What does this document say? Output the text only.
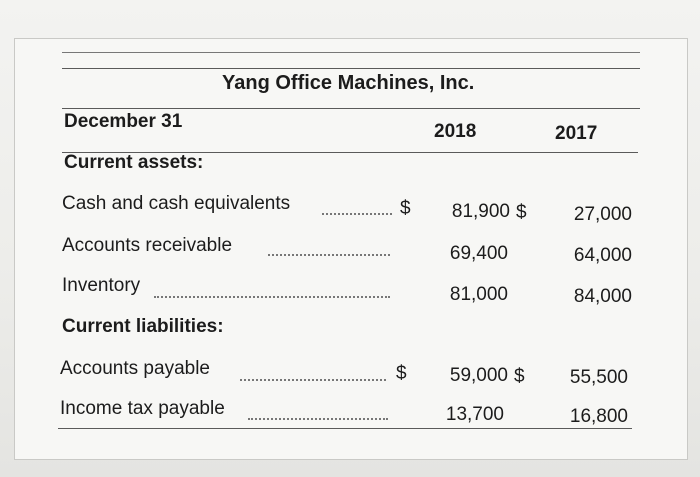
Yang Office Machines, Inc.
December 31	2018	2017
Current assets:
Cash and cash equivalents	$	81,900 $	27,000
Accounts receivable	69,400	64,000
Inventory	81,000	84,000
Current liabilities:
Accounts payable	$	59,000 $	55,500
Income tax payable	13,700	16,800
